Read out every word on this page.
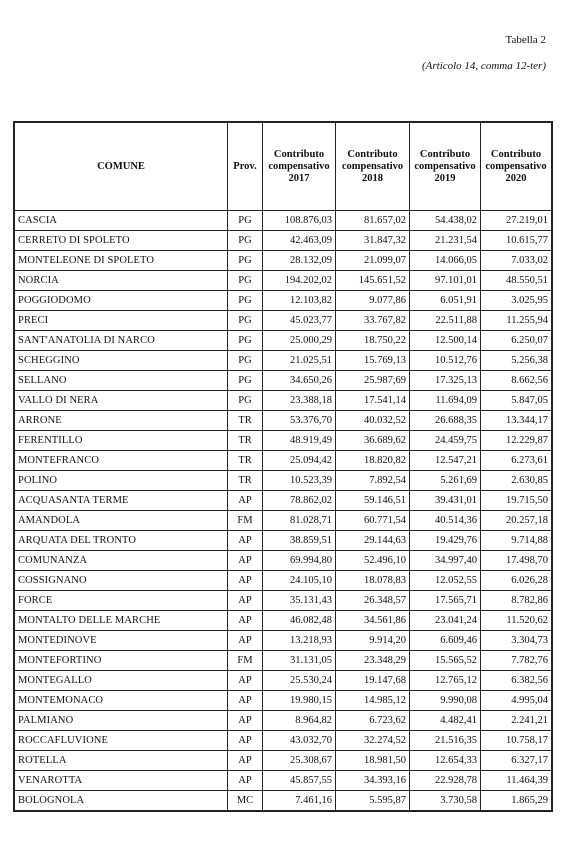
Tabella 2
(Articolo 14, comma 12-ter)
COMUNE	Prov.	Contributo compensativo 2017	Contributo compensativo 2018	Contributo compensativo 2019	Contributo compensativo 2020
CASCIA	PG	108.876,03	81.657,02	54.438,02	27.219,01
CERRETO DI SPOLETO	PG	42.463,09	31.847,32	21.231,54	10.615,77
MONTELEONE DI SPOLETO	PG	28.132,09	21.099,07	14.066,05	7.033,02
NORCIA	PG	194.202,02	145.651,52	97.101,01	48.550,51
POGGIODOMO	PG	12.103,82	9.077,86	6.051,91	3.025,95
PRECI	PG	45.023,77	33.767,82	22.511,88	11.255,94
SANT'ANATOLIA DI NARCO	PG	25.000,29	18.750,22	12.500,14	6.250,07
SCHEGGINO	PG	21.025,51	15.769,13	10.512,76	5.256,38
SELLANO	PG	34.650,26	25.987,69	17.325,13	8.662,56
VALLO DI NERA	PG	23.388,18	17.541,14	11.694,09	5.847,05
ARRONE	TR	53.376,70	40.032,52	26.688,35	13.344,17
FERENTILLO	TR	48.919,49	36.689,62	24.459,75	12.229,87
MONTEFRANCO	TR	25.094,42	18.820,82	12.547,21	6.273,61
POLINO	TR	10.523,39	7.892,54	5.261,69	2.630,85
ACQUASANTA TERME	AP	78.862,02	59.146,51	39.431,01	19.715,50
AMANDOLA	FM	81.028,71	60.771,54	40.514,36	20.257,18
ARQUATA DEL TRONTO	AP	38.859,51	29.144,63	19.429,76	9.714,88
COMUNANZA	AP	69.994,80	52.496,10	34.997,40	17.498,70
COSSIGNANO	AP	24.105,10	18.078,83	12.052,55	6.026,28
FORCE	AP	35.131,43	26.348,57	17.565,71	8.782,86
MONTALTO DELLE MARCHE	AP	46.082,48	34.561,86	23.041,24	11.520,62
MONTEDINOVE	AP	13.218,93	9.914,20	6.609,46	3.304,73
MONTEFORTINO	FM	31.131,05	23.348,29	15.565,52	7.782,76
MONTEGALLO	AP	25.530,24	19.147,68	12.765,12	6.382,56
MONTEMONACO	AP	19.980,15	14.985,12	9.990,08	4.995,04
PALMIANO	AP	8.964,82	6.723,62	4.482,41	2.241,21
ROCCAFLUVIONE	AP	43.032,70	32.274,52	21.516,35	10.758,17
ROTELLA	AP	25.308,67	18.981,50	12.654,33	6.327,17
VENAROTTA	AP	45.857,55	34.393,16	22.928,78	11.464,39
BOLOGNOLA	MC	7.461,16	5.595,87	3.730,58	1.865,29
